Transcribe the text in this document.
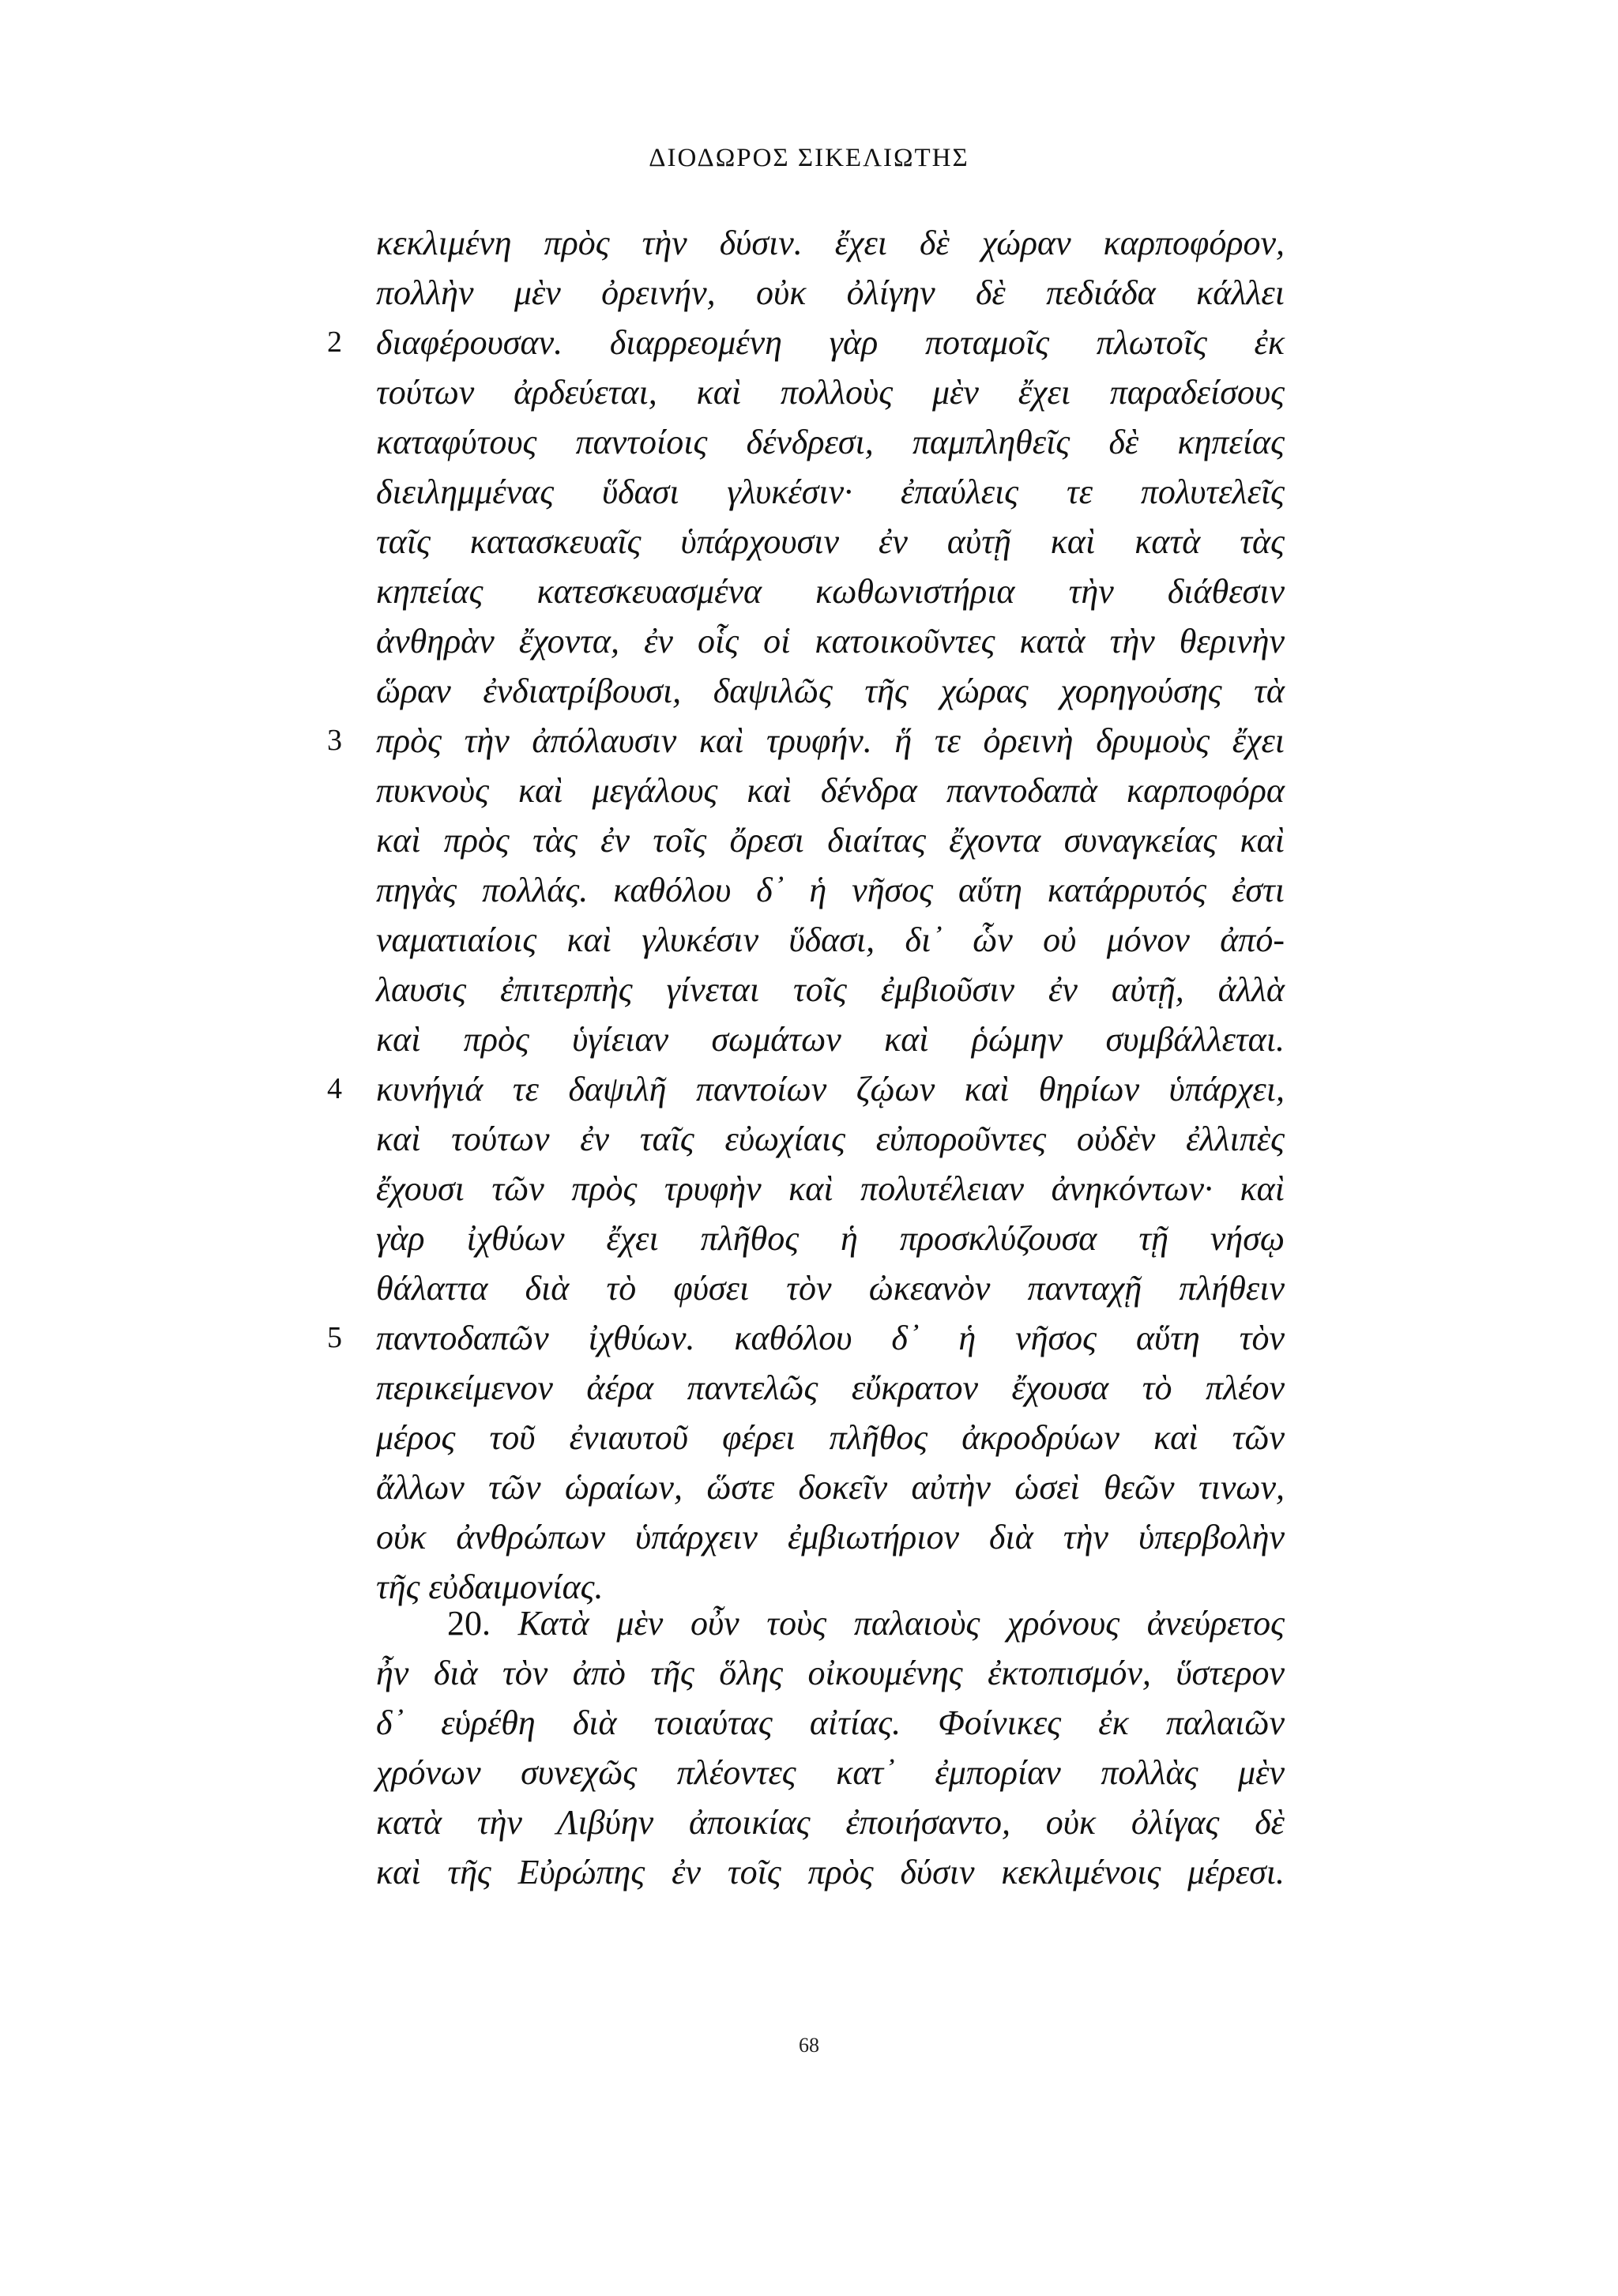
ΔΙΟΔΩΡΟΣ ΣΙΚΕΛΙΩΤΗΣ
κεκλιμένη πρὸς τὴν δύσιν. ἔχει δὲ χώραν καρποφόρον,
πολλὴν μὲν ὀρεινήν, οὐκ ὀλίγην δὲ πεδιάδα κάλλει
2 διαφέρουσαν. διαρρεομένη γὰρ ποταμοῖς πλωτοῖς ἐκ
τούτων ἀρδεύεται, καὶ πολλοὺς μὲν ἔχει παραδείσους
καταφύτους παντοίοις δένδρεσι, παμπληθεῖς δὲ κηπείας
διειλημμένας ὕδασι γλυκέσιν· ἐπαύλεις τε πολυτελεῖς
ταῖς κατασκευαῖς ὑπάρχουσιν ἐν αὐτῇ καὶ κατὰ τὰς
κηπείας κατεσκευασμένα κωθωνιστήρια τὴν διάθεσιν
ἀνθηρὰν ἔχοντα, ἐν οἷς οἱ κατοικοῦντες κατὰ τὴν θερινὴν
ὥραν ἐνδιατρίβουσι, δαψιλῶς τῆς χώρας χορηγούσης τὰ
3 πρὸς τὴν ἀπόλαυσιν καὶ τρυφήν. ἥ τε ὀρεινὴ δρυμοὺς ἔχει
πυκνοὺς καὶ μεγάλους καὶ δένδρα παντοδαπὰ καρποφόρα
καὶ πρὸς τὰς ἐν τοῖς ὄρεσι διαίτας ἔχοντα συναγκείας καὶ
πηγὰς πολλάς. καθόλου δ᾽ ἡ νῆσος αὕτη κατάρρυτός ἐστι
ναματιαίοις καὶ γλυκέσιν ὕδασι, δι᾽ ὧν οὐ μόνον ἀπό-
λαυσις ἐπιτερπὴς γίνεται τοῖς ἐμβιοῦσιν ἐν αὐτῇ, ἀλλὰ
καὶ πρὸς ὑγίειαν σωμάτων καὶ ῥώμην συμβάλλεται.
4 κυνήγιά τε δαψιλῆ παντοίων ζῴων καὶ θηρίων ὑπάρχει,
καὶ τούτων ἐν ταῖς εὐωχίαις εὐποροῦντες οὐδὲν ἐλλιπὲς
ἔχουσι τῶν πρὸς τρυφὴν καὶ πολυτέλειαν ἀνηκόντων· καὶ
γὰρ ἰχθύων ἔχει πλῆθος ἡ προσκλύζουσα τῇ νήσῳ
θάλαττα διὰ τὸ φύσει τὸν ὠκεανὸν πανταχῇ πλήθειν
5 παντοδαπῶν ἰχθύων. καθόλου δ᾽ ἡ νῆσος αὕτη τὸν
περικείμενον ἀέρα παντελῶς εὔκρατον ἔχουσα τὸ πλέον
μέρος τοῦ ἐνιαυτοῦ φέρει πλῆθος ἀκροδρύων καὶ τῶν
ἄλλων τῶν ὡραίων, ὥστε δοκεῖν αὐτὴν ὡσεὶ θεῶν τινων,
οὐκ ἀνθρώπων ὑπάρχειν ἐμβιωτήριον διὰ τὴν ὑπερβολὴν
τῆς εὐδαιμονίας.
20. Κατὰ μὲν οὖν τοὺς παλαιοὺς χρόνους ἀνεύρετος
ἦν διὰ τὸν ἀπὸ τῆς ὅλης οἰκουμένης ἐκτοπισμόν, ὕστερον
δ᾽ εὑρέθη διὰ τοιαύτας αἰτίας. Φοίνικες ἐκ παλαιῶν
χρόνων συνεχῶς πλέοντες κατ᾽ ἐμπορίαν πολλὰς μὲν
κατὰ τὴν Λιβύην ἀποικίας ἐποιήσαντο, οὐκ ὀλίγας δὲ
καὶ τῆς Εὐρώπης ἐν τοῖς πρὸς δύσιν κεκλιμένοις μέρεσι.
68
